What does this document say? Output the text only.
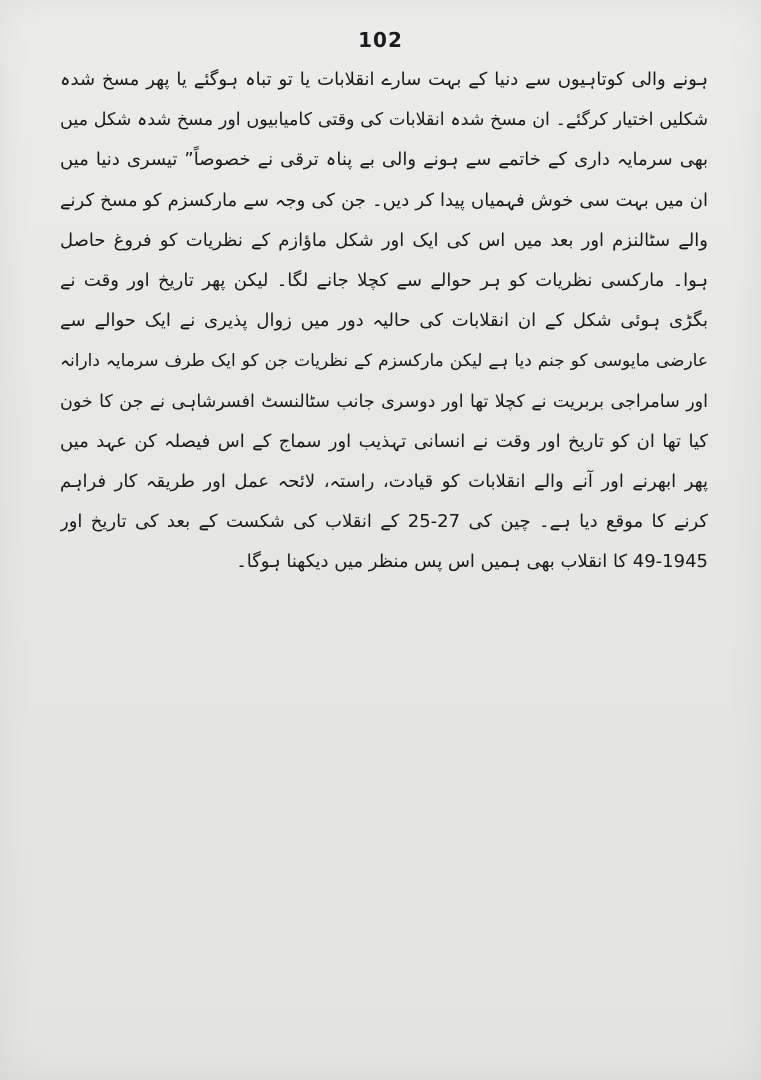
102
ہونے والی کوتاہیوں سے دنیا کے بہت سارے انقلابات یا تو تباہ ہوگئے یا پھر مسخ شدہ
شکلیں اختیار کرگئے۔ ان مسخ شدہ انقلابات کی وقتی کامیابیوں اور مسخ شدہ شکل میں
بھی سرمایہ داری کے خاتمے سے ہونے والی بے پناہ ترقی نے خصوصاً” تیسری دنیا میں
ان میں بہت سی خوش فہمیاں پیدا کر دیں۔ جن کی وجہ سے مارکسزم کو مسخ کرنے
والے سٹالنزم اور بعد میں اس کی ایک اور شکل ماؤازم کے نظریات کو فروغ حاصل
ہوا۔ مارکسی نظریات کو ہر حوالے سے کچلا جانے لگا۔ لیکن پھر تاریخ اور وقت نے
بگڑی ہوئی شکل کے ان انقلابات کی حالیہ دور میں زوال پذیری نے ایک حوالے سے
عارضی مایوسی کو جنم دیا ہے لیکن مارکسزم کے نظریات جن کو ایک طرف سرمایہ دارانہ
اور سامراجی بربریت نے کچلا تھا اور دوسری جانب سٹالنسٹ افسرشاہی نے جن کا خون
کیا تھا ان کو تاریخ اور وقت نے انسانی تہذیب اور سماج کے اس فیصلہ کن عہد میں
پھر ابھرنے اور آنے والے انقلابات کو قیادت، راستہ، لائحہ عمل اور طریقہ کار فراہم
کرنے کا موقع دیا ہے۔ چین کی 27-25 کے انقلاب کی شکست کے بعد کی تاریخ اور
49-1945 کا انقلاب بھی ہمیں اس پس منظر میں دیکھنا ہوگا۔
